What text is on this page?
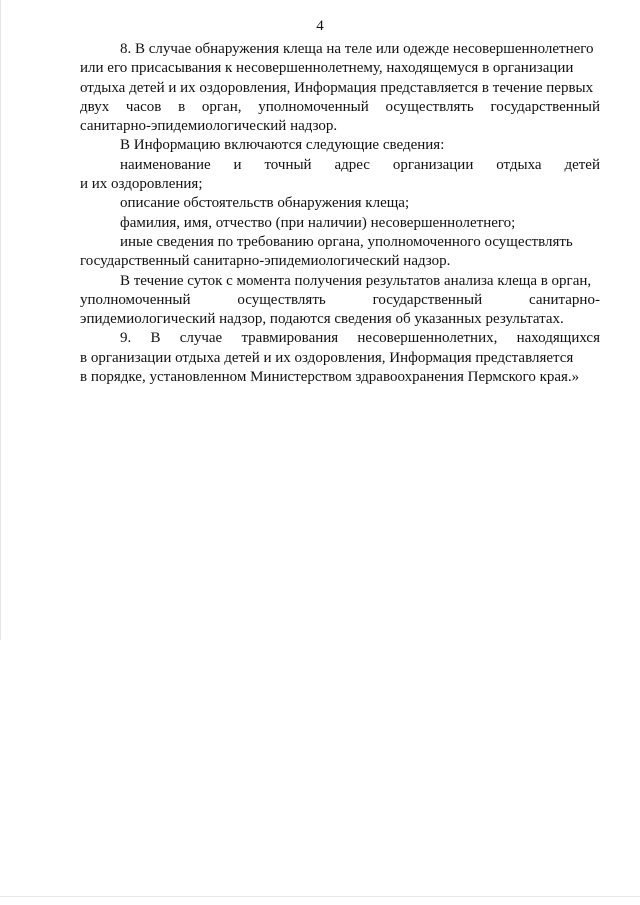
4

8. В случае обнаружения клеща на теле или одежде несовершеннолетнего

или его присасывания к несовершеннолетнему, находящемуся в организации

отдыха детей и их оздоровления, Информация представляется в течение первых

двух часов в орган, уполномоченный осуществлять государственный

санитарно-эпидемиологический надзор.

В Информацию включаются следующие сведения:

наименование и точный адрес организации отдыха детей

и их оздоровления;

описание обстоятельств обнаружения клеща;

фамилия, имя, отчество (при наличии) несовершеннолетнего;

иные сведения по требованию органа, уполномоченного осуществлять

государственный санитарно-эпидемиологический надзор.

В течение суток с момента получения результатов анализа клеща в орган,

уполномоченный	осуществлять	государственный	санитарно-

эпидемиологический надзор, подаются сведения об указанных результатах.

9. В случае травмирования несовершеннолетних, находящихся

в организации отдыха детей и их оздоровления, Информация представляется

в порядке, установленном Министерством здравоохранения Пермского края.»
